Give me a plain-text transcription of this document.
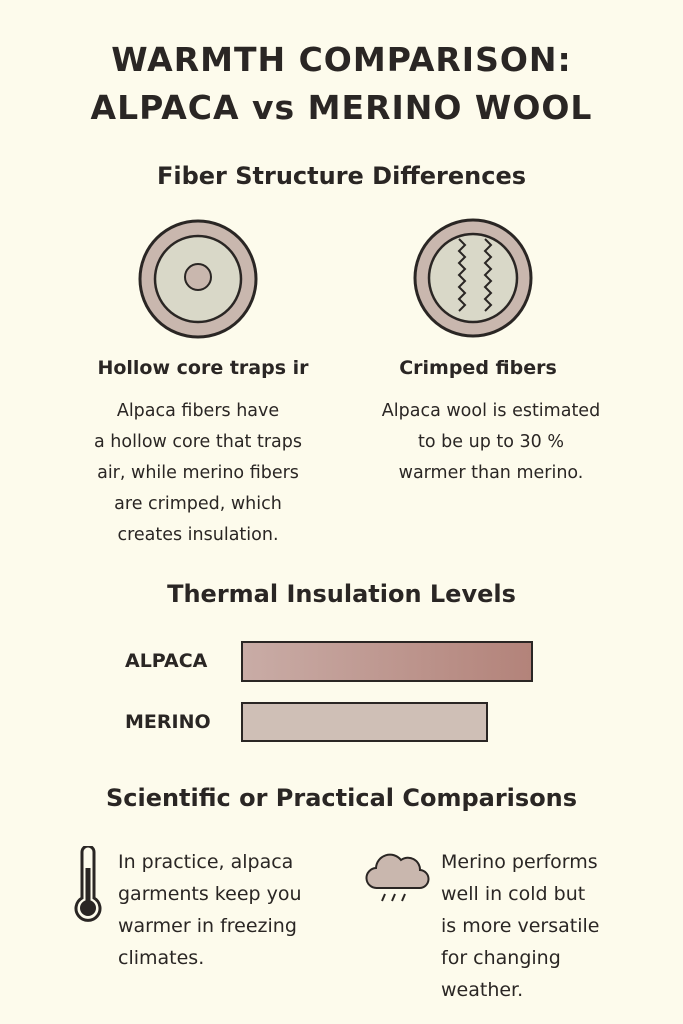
WARMTH COMPARISON:
ALPACA vs MERINO WOOL
Fiber Structure Differences
Hollow core traps ir
Alpaca fibers have
a hollow core that traps
air, while merino fibers
are crimped, which
creates insulation.
Crimped fibers
Alpaca wool is estimated
to be up to 30 %
warmer than merino.
Thermal Insulation Levels
ALPACA
MERINO
Scientific or Practical Comparisons
In practice, alpaca
garments keep you
warmer in freezing
climates.
Merino performs
well in cold but
is more versatile
for changing
weather.
